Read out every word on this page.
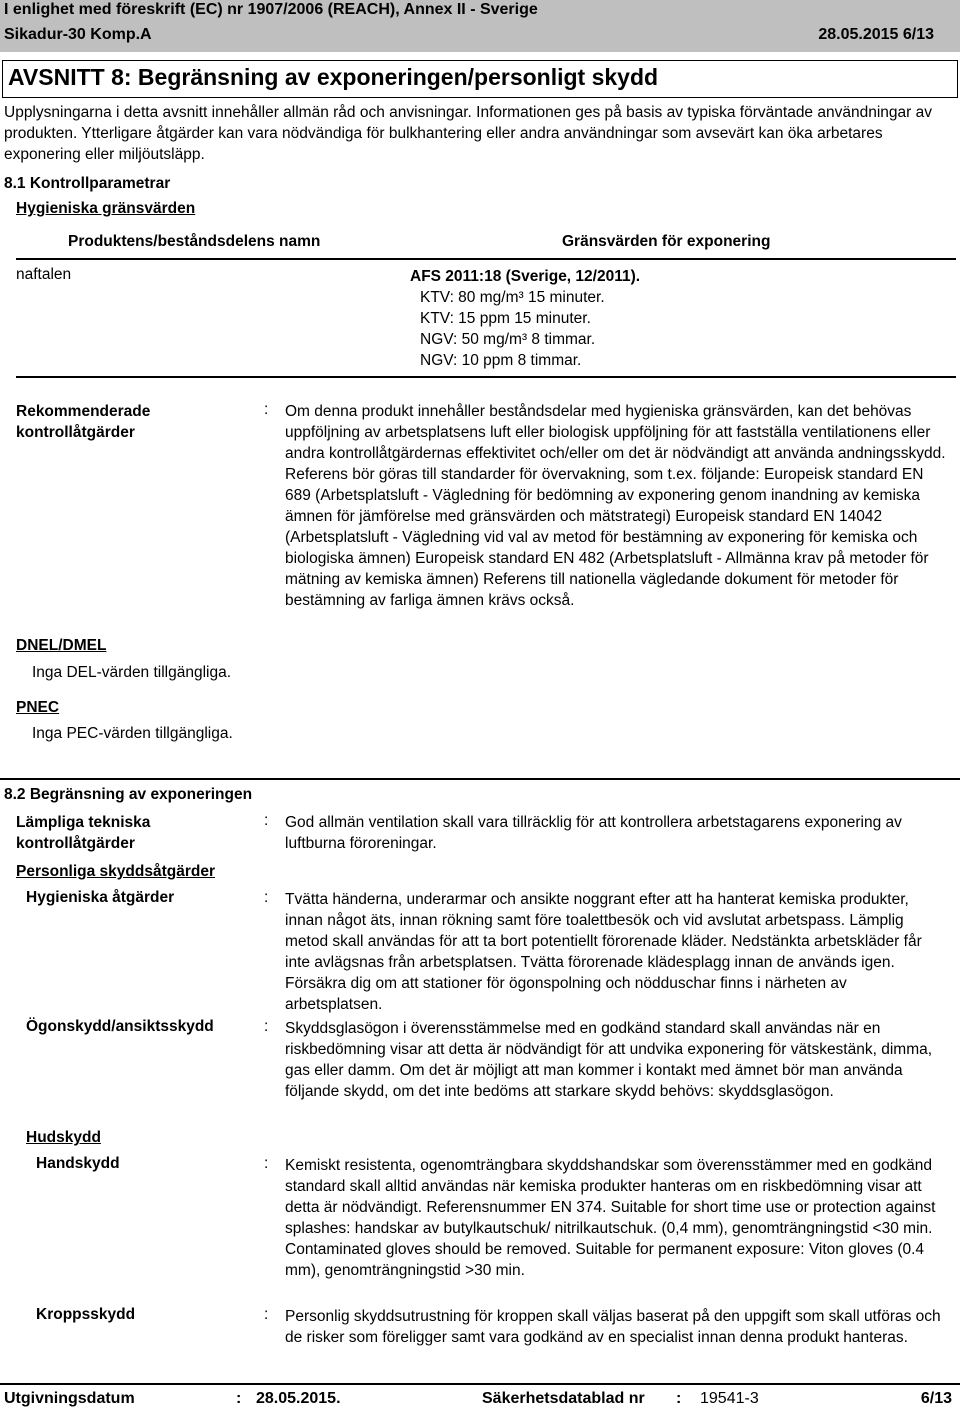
I enlighet med föreskrift (EC) nr 1907/2006 (REACH), Annex II - Sverige
Sikadur-30 Komp.A	28.05.2015 6/13
AVSNITT 8: Begränsning av exponeringen/personligt skydd
Upplysningarna i detta avsnitt innehåller allmän råd och anvisningar. Informationen ges på basis av typiska förväntade användningar av produkten. Ytterligare åtgärder kan vara nödvändiga för bulkhantering eller andra användningar som avsevärt kan öka arbetares exponering eller miljöutsläpp.
8.1 Kontrollparametrar
Hygieniska gränsvärden
Produktens/beståndsdelens namn	Gränsvärden för exponering
naftalen	AFS 2011:18 (Sverige, 12/2011).
KTV: 80 mg/m³ 15 minuter.
KTV: 15 ppm 15 minuter.
NGV: 50 mg/m³ 8 timmar.
NGV: 10 ppm 8 timmar.
Rekommenderade
kontrollåtgärder
: Om denna produkt innehåller beståndsdelar med hygieniska gränsvärden, kan det behövas uppföljning av arbetsplatsens luft eller biologisk uppföljning för att fastställa ventilationens eller andra kontrollåtgärdernas effektivitet och/eller om det är nödvändigt att använda andningsskydd. Referens bör göras till standarder för övervakning, som t.ex. följande: Europeisk standard EN 689 (Arbetsplatsluft - Vägledning för bedömning av exponering genom inandning av kemiska ämnen för jämförelse med gränsvärden och mätstrategi) Europeisk standard EN 14042 (Arbetsplatsluft - Vägledning vid val av metod för bestämning av exponering för kemiska och biologiska ämnen) Europeisk standard EN 482 (Arbetsplatsluft - Allmänna krav på metoder för mätning av kemiska ämnen) Referens till nationella vägledande dokument för metoder för bestämning av farliga ämnen krävs också.
DNEL/DMEL
Inga DEL-värden tillgängliga.
PNEC
Inga PEC-värden tillgängliga.
8.2 Begränsning av exponeringen
Lämpliga tekniska
kontrollåtgärder
: God allmän ventilation skall vara tillräcklig för att kontrollera arbetstagarens exponering av luftburna föroreningar.
Personliga skyddsåtgärder
Hygieniska åtgärder	: Tvätta händerna, underarmar och ansikte noggrant efter att ha hanterat kemiska produkter, innan något äts, innan rökning samt före toalettbesök och vid avslutat arbetspass. Lämplig metod skall användas för att ta bort potentiellt förorenade kläder. Nedstänkta arbetskläder får inte avlägsnas från arbetsplatsen. Tvätta förorenade klädesplagg innan de används igen. Försäkra dig om att stationer för ögonspolning och nödduschar finns i närheten av arbetsplatsen.
Ögonskydd/ansiktsskydd	: Skyddsglasögon i överensstämmelse med en godkänd standard skall användas när en riskbedömning visar att detta är nödvändigt för att undvika exponering för vätskestänk, dimma, gas eller damm. Om det är möjligt att man kommer i kontakt med ämnet bör man använda följande skydd, om det inte bedöms att starkare skydd behövs: skyddsglasögon.
Hudskydd
Handskydd	: Kemiskt resistenta, ogenomträngbara skyddshandskar som överensstämmer med en godkänd standard skall alltid användas när kemiska produkter hanteras om en riskbedömning visar att detta är nödvändigt. Referensnummer EN 374. Suitable for short time use or protection against splashes: handskar av butylkautschuk/ nitrilkautschuk. (0,4 mm), genomträngningstid <30 min. Contaminated gloves should be removed. Suitable for permanent exposure: Viton gloves (0.4 mm), genomträngningstid >30 min.
Kroppsskydd	: Personlig skyddsutrustning för kroppen skall väljas baserat på den uppgift som skall utföras och de risker som föreligger samt vara godkänd av en specialist innan denna produkt hanteras.
Utgivningsdatum	: 28.05.2015.	Säkerhetsdatablad nr : 19541-3	6/13
